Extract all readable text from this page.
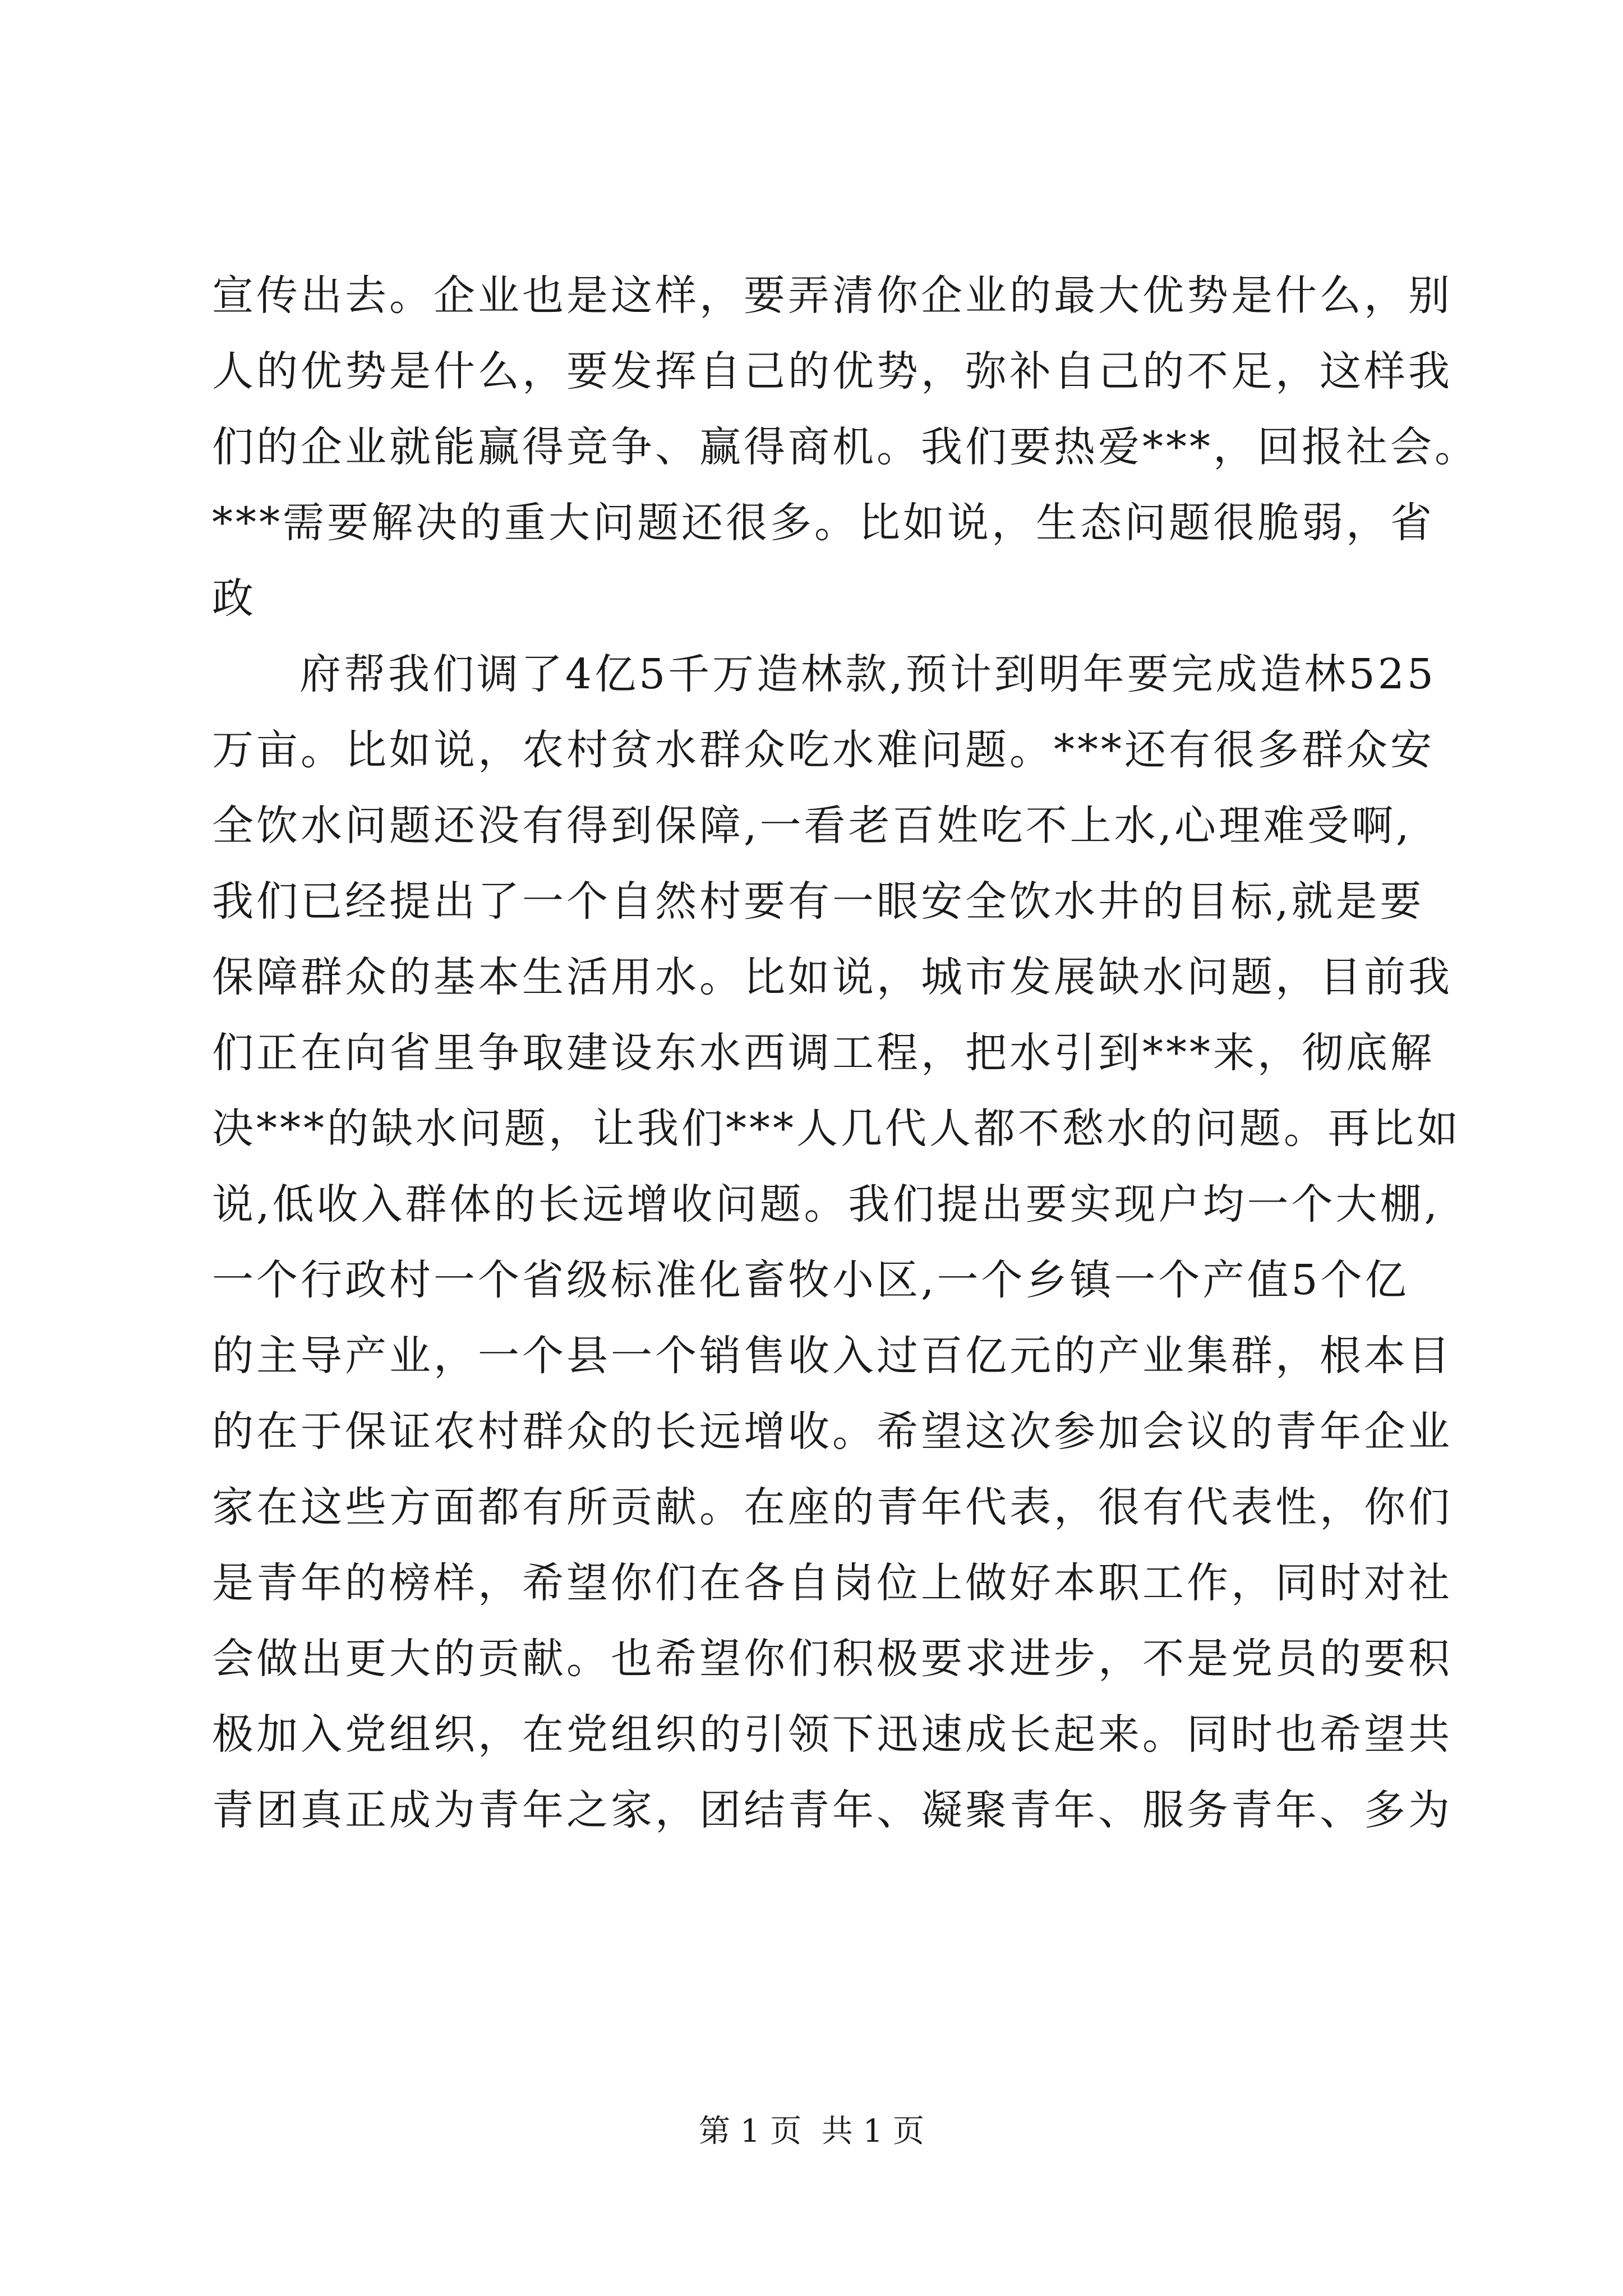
宣传出去。企业也是这样，要弄清你企业的最大优势是什么，别
人的优势是什么，要发挥自己的优势，弥补自己的不足，这样我
们的企业就能赢得竞争、赢得商机。我们要热爱***，回报社会。
***需要解决的重大问题还很多。比如说，生态问题很脆弱，省
政
府帮我们调了4亿5千万造林款,预计到明年要完成造林525
万亩。比如说，农村贫水群众吃水难问题。***还有很多群众安
全饮水问题还没有得到保障,一看老百姓吃不上水,心理难受啊,
我们已经提出了一个自然村要有一眼安全饮水井的目标,就是要
保障群众的基本生活用水。比如说，城市发展缺水问题，目前我
们正在向省里争取建设东水西调工程，把水引到***来，彻底解
决***的缺水问题，让我们***人几代人都不愁水的问题。再比如
说,低收入群体的长远增收问题。我们提出要实现户均一个大棚,
一个行政村一个省级标准化畜牧小区,一个乡镇一个产值5个亿
的主导产业，一个县一个销售收入过百亿元的产业集群，根本目
的在于保证农村群众的长远增收。希望这次参加会议的青年企业
家在这些方面都有所贡献。在座的青年代表，很有代表性，你们
是青年的榜样，希望你们在各自岗位上做好本职工作，同时对社
会做出更大的贡献。也希望你们积极要求进步，不是党员的要积
极加入党组织，在党组织的引领下迅速成长起来。同时也希望共
青团真正成为青年之家，团结青年、凝聚青年、服务青年、多为
第 1 页  共 1 页
